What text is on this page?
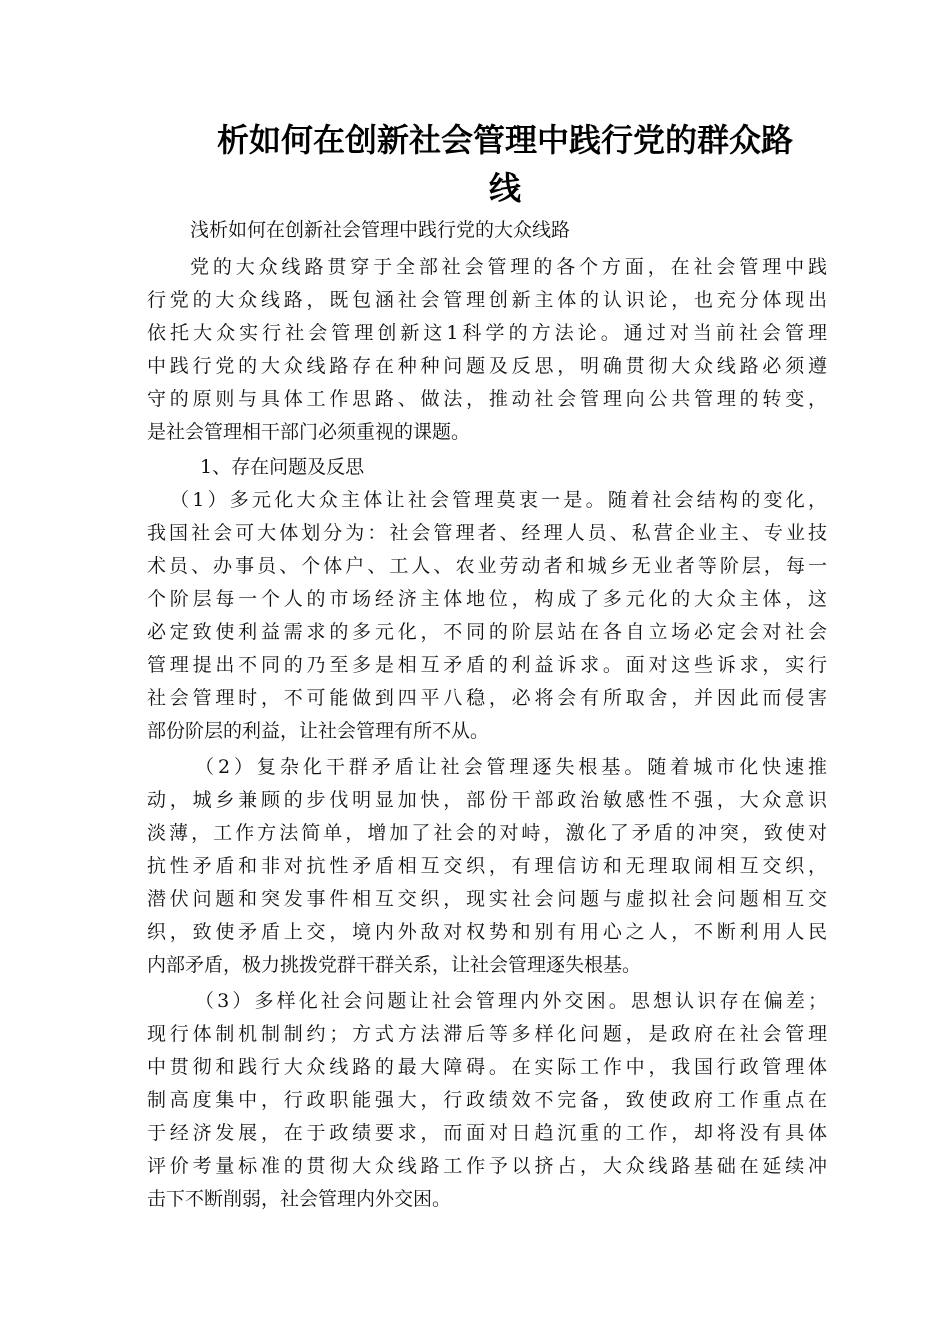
析如何在创新社会管理中践行党的群众路
线

浅析如何在创新社会管理中践行党的大众线路

党的大众线路贯穿于全部社会管理的各个方面，在社会管理中践

行党的大众线路，既包涵社会管理创新主体的认识论，也充分体现出

依托大众实行社会管理创新这1科学的方法论。通过对当前社会管理

中践行党的大众线路存在种种问题及反思，明确贯彻大众线路必须遵

守的原则与具体工作思路、做法，推动社会管理向公共管理的转变，

是社会管理相干部门必须重视的课题。

1、存在问题及反思

（1）多元化大众主体让社会管理莫衷一是。随着社会结构的变化，

我国社会可大体划分为：社会管理者、经理人员、私营企业主、专业技

术员、办事员、个体户、工人、农业劳动者和城乡无业者等阶层，每一

个阶层每一个人的市场经济主体地位，构成了多元化的大众主体，这

必定致使利益需求的多元化，不同的阶层站在各自立场必定会对社会

管理提出不同的乃至多是相互矛盾的利益诉求。面对这些诉求，实行

社会管理时，不可能做到四平八稳，必将会有所取舍，并因此而侵害

部份阶层的利益，让社会管理有所不从。

（2）复杂化干群矛盾让社会管理逐失根基。随着城市化快速推

动，城乡兼顾的步伐明显加快，部份干部政治敏感性不强，大众意识

淡薄，工作方法简单，增加了社会的对峙，激化了矛盾的冲突，致使对

抗性矛盾和非对抗性矛盾相互交织，有理信访和无理取闹相互交织，

潜伏问题和突发事件相互交织，现实社会问题与虚拟社会问题相互交

织，致使矛盾上交，境内外敌对权势和别有用心之人，不断利用人民

内部矛盾，极力挑拨党群干群关系，让社会管理逐失根基。

（3）多样化社会问题让社会管理内外交困。思想认识存在偏差；

现行体制机制制约；方式方法滞后等多样化问题，是政府在社会管理

中贯彻和践行大众线路的最大障碍。在实际工作中，我国行政管理体

制高度集中，行政职能强大，行政绩效不完备，致使政府工作重点在

于经济发展，在于政绩要求，而面对日趋沉重的工作，却将没有具体

评价考量标准的贯彻大众线路工作予以挤占，大众线路基础在延续冲

击下不断削弱，社会管理内外交困。
